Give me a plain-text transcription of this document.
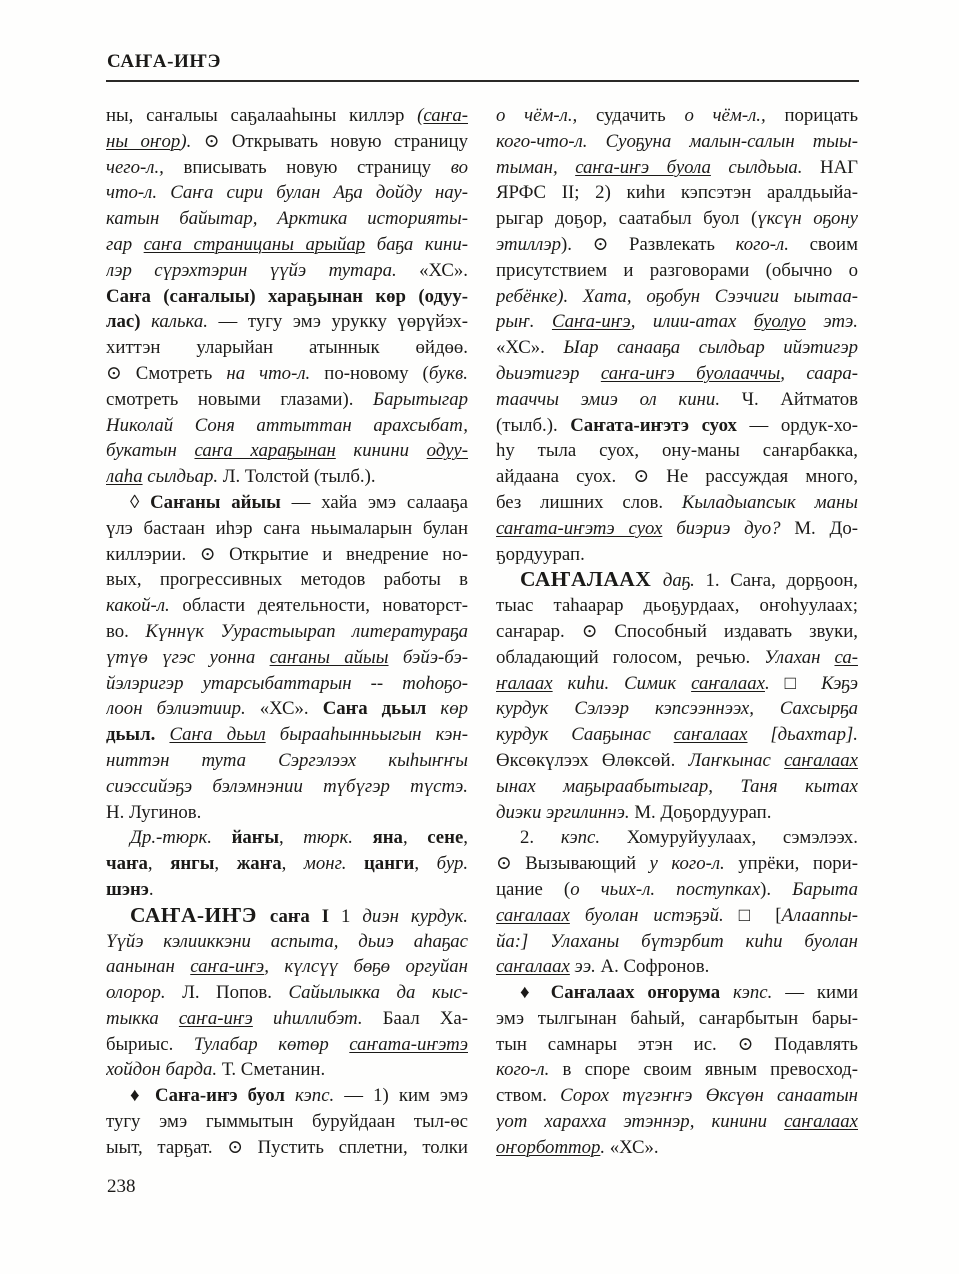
САҤА-ИҤЭ
ны, саҥалыы саҕалааһыны киллэр (саҥа-
ны оҥор). ⊙ Открывать новую страницу
чего-л., вписывать новую страницу во
что-л. Саҥа сири булан Аҕа дойду нау-
катын байытар, Арктика историяты-
гар саҥа страницаны арыйар баҕа кини-
лэр сүрэхтэрин үүйэ тутара. «ХС».
Саҥа (саҥалыы) хараҕынан көр (одуу-
лас) калька. — тугу эмэ урукку үөрүйэх-
хиттэн уларыйан атыннык өйдөө.
⊙ Смотреть на что-л. по-новому (букв.
смотреть новыми глазами). Барытыгар
Николай Соня аттыттан арахсыбат,
букатын саҥа хараҕынан кинини одуу-
лаһа сылдьар. Л. Толстой (тылб.).
◊ Саҥаны айыы — хайа эмэ салааҕа
үлэ бастаан иһэр саҥа ньымаларын булан
киллэрии. ⊙ Открытие и внедрение но-
вых, прогрессивных методов работы в
какой-л. области деятельности, новаторст-
во. Күннүк Уурастыырап литератураҕа
үтүө үгэс уонна саҥаны айыы бэйэ-бэ-
йэлэригэр утарсыбаттарын -- тоһоҕо-
лоон бэлиэтиир. «ХС». Саҥа дьыл көр
дьыл. Саҥа дьыл бырааһынньыгын кэн-
ниттэн тута Сэргэлээх кыһыҥҥы
сиэссийэҕэ бэлэмнэнии түбүгэр түстэ.
Н. Лугинов.
Др.-тюрк. йаҥы, тюрк. яна, сене,
чаҥа, янгы, жаҥа, монг. цанги, бур.
шэнэ.
САҤА-ИҤЭ саҥа I 1 диэн курдук.
Үүйэ кэлииккэни аспыта, дьиэ аһаҕас
аанынан саҥа-иҥэ, күлсүү бөҕө оргуйан
олорор. Л. Попов. Сайылыкка да кыс-
тыкка саҥа-иҥэ иһиллибэт. Баал Ха-
быриыс. Тулабар көтөр саҥата-иҥэтэ
хойдон барда. Т. Сметанин.
♦ Саҥа-иҥэ буол кэпс. — 1) ким эмэ
тугу эмэ гыммытын буруйдаан тыл-өс
ыыт, тарҕат. ⊙ Пустить сплетни, толки
о чём-л., судачить о чём-л., порицать
кого-что-л. Суоҕуна малын-салын тыы-
тыман, саҥа-иҥэ буола сылдьыа. НАГ
ЯРФС II; 2) киһи кэпсэтэн аралдьыйа-
рыгар доҕор, саатабыл буол (үксүн оҕону
этиллэр). ⊙ Развлекать кого-л. своим
присутствием и разговорами (обычно о
ребёнке). Хата, оҕобун Сээчиги ыытаа-
рыҥ. Саҥа-иҥэ, илии-атах буолуо этэ.
«ХС». Ыар санааҕа сылдьар ийэтигэр
дьиэтигэр саҥа-иҥэ буолааччы, саара-
тааччы эмиэ ол кини. Ч. Айтматов
(тылб.). Саҥата-иҥэтэ суох — ордук-хо-
һу тыла суох, ону-маны саҥарбакка,
айдаана суох. ⊙ Не рассуждая много,
без лишних слов. Кыладыапсык маны
саҥата-иҥэтэ суох биэриэ дуо? М. До-
ҕордуурап.
САҤАЛААХ даҕ. 1. Саҥа, дорҕоон,
тыас таһаарар дьоҕурдаах, оҥоһуулаах;
саҥарар. ⊙ Способный издавать звуки,
обладающий голосом, речью. Улахан са-
ҥалаах киһи. Симик саҥалаах. □ Кэҕэ
курдук Сэлээр кэпсээннээх, Сахсырҕа
курдук Сааҕынас саҥалаах [дьахтар].
Өксөкүлээх Өлөксөй. Лаҥкынас саҥалаах
ынах маҕыраабытыгар, Таня кытах
диэки эргилиннэ. М. Доҕордуурап.
2. кэпс. Хомуруйуулаах, сэмэлээх.
⊙ Вызывающий у кого-л. упрёки, пори-
цание (о чьих-л. поступках). Барыта
саҥалаах буолан истэҕэй. □ [Алааппы-
йа:] Улаханы бүтэрбит киһи буолан
саҥалаах ээ. А. Софронов.
♦ Саҥалаах оҥорума кэпс. — кими
эмэ тылгынан баһый, саҥарбытын бары-
тын самнары этэн ис. ⊙ Подавлять
кого-л. в споре своим явным превосход-
ством. Сорох түгэҥҥэ Өксүөн санаатын
уот харахха этэннэр, кинини саҥалаах
оҥорботтор. «ХС».
238
